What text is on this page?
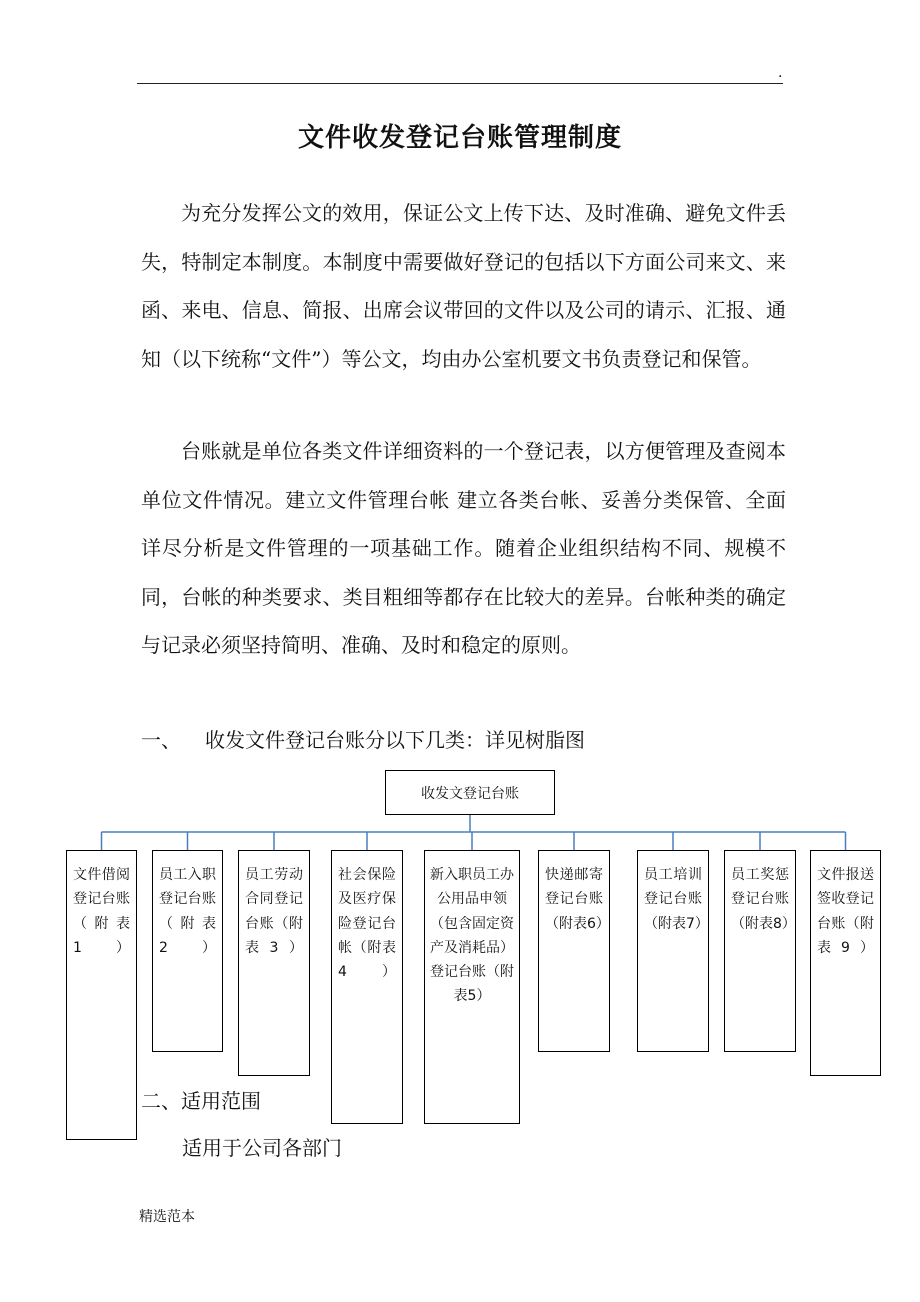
.
文件收发登记台账管理制度

为充分发挥公文的效用，保证公文上传下达、及时准确、避免文件丢失，特制定本制度。本制度中需要做好登记的包括以下方面公司来文、来函、来电、信息、简报、出席会议带回的文件以及公司的请示、汇报、通知（以下统称“文件”）等公文，均由办公室机要文书负责登记和保管。

台账就是单位各类文件详细资料的一个登记表，以方便管理及查阅本单位文件情况。建立文件管理台帐 建立各类台帐、妥善分类保管、全面详尽分析是文件管理的一项基础工作。随着企业组织结构不同、规模不同，台帐的种类要求、类目粗细等都存在比较大的差异。台帐种类的确定与记录必须坚持简明、准确、及时和稳定的原则。

一、 收发文件登记台账分以下几类：详见树脂图
收发文登记台账
文件借阅登记台账（附表1）
员工入职登记台账（附表2）
员工劳动合同登记台账（附表3）
社会保险及医疗保险登记台帐（附表4）
新入职员工办公用品申领（包含固定资产及消耗品）登记台账（附表5）
快递邮寄登记台账（附表6）
员工培训登记台账（附表7）
员工奖惩登记台账（附表8）
文件报送签收登记台账（附表9）
二、适用范围
适用于公司各部门
精选范本
